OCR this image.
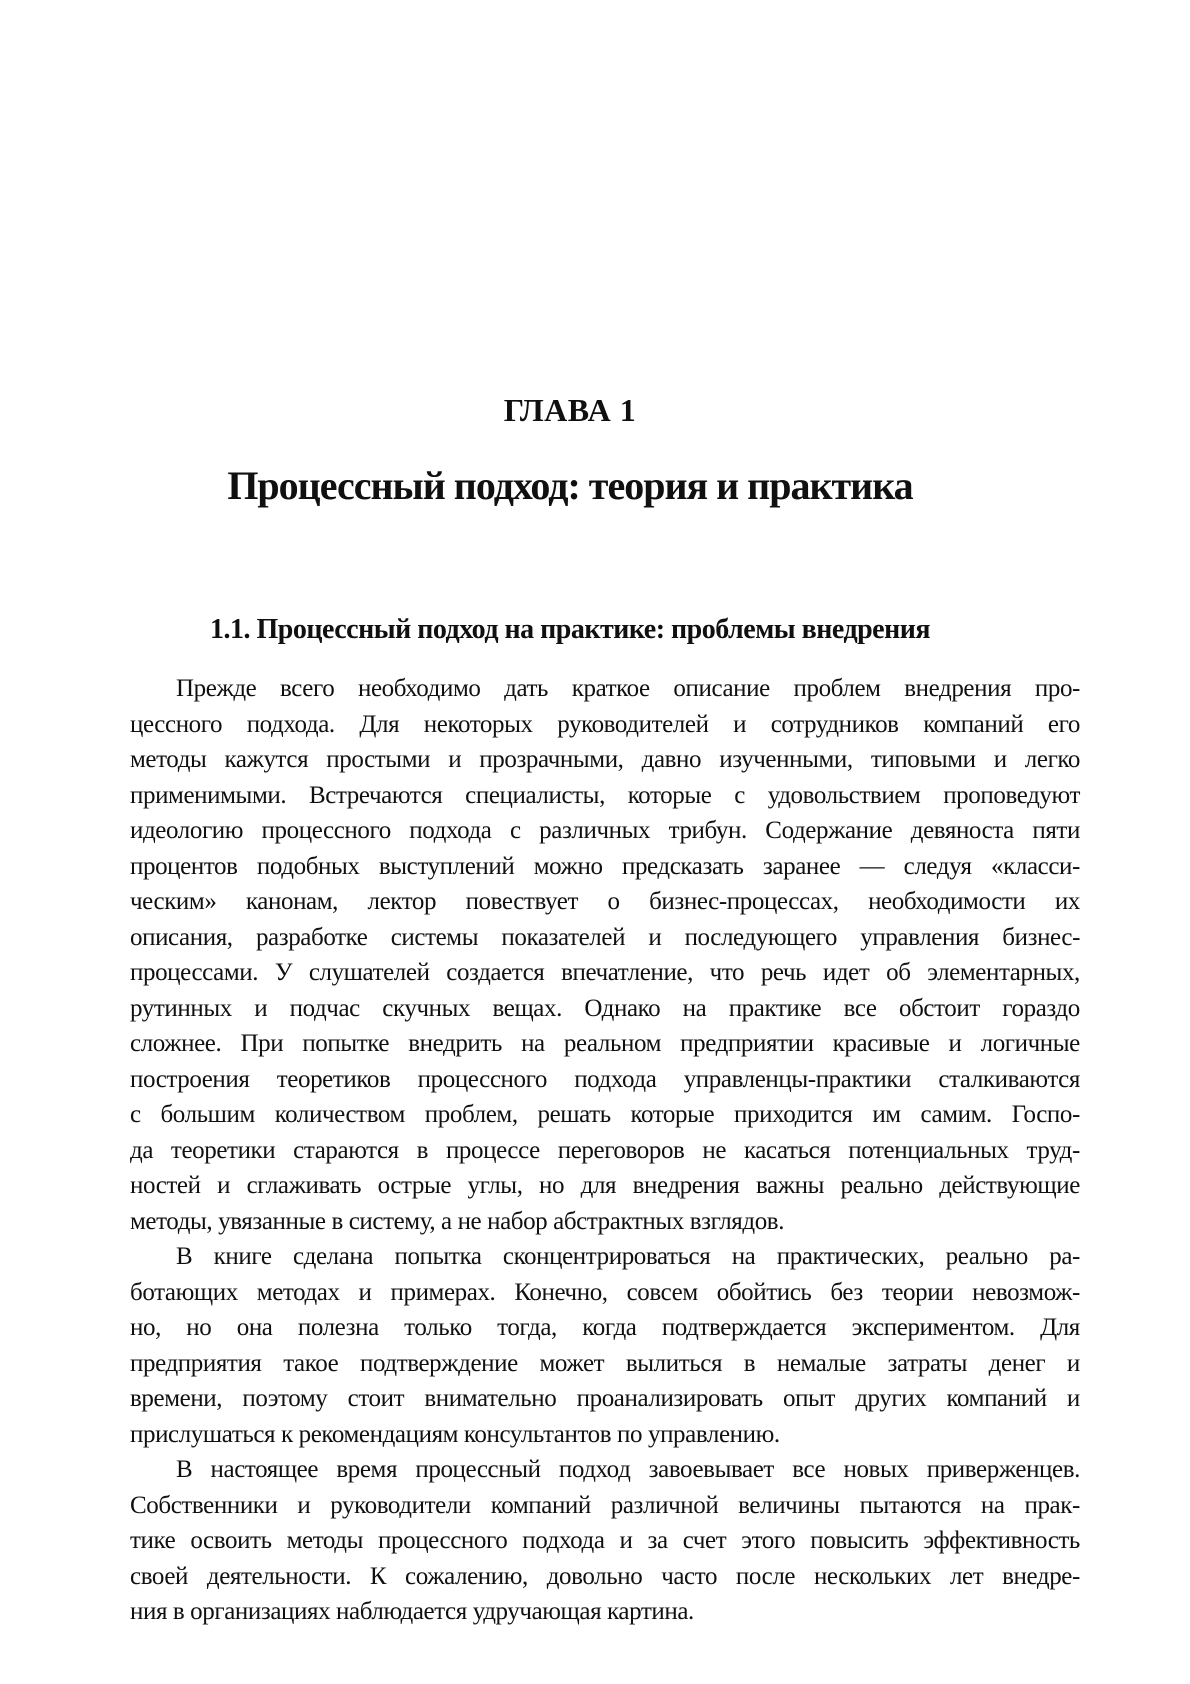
ГЛАВА 1
Процессный подход: теория и практика
1.1. Процессный подход на практике: проблемы внедрения
Прежде всего необходимо дать краткое описание проблем внедрения про-
цессного подхода. Для некоторых руководителей и сотрудников компаний его
методы кажутся простыми и прозрачными, давно изученными, типовыми и легко
применимыми. Встречаются специалисты, которые с удовольствием проповедуют
идеологию процессного подхода с различных трибун. Содержание девяноста пяти
процентов подобных выступлений можно предсказать заранее — следуя «класси-
ческим» канонам, лектор повествует о бизнес-процессах, необходимости их
описания, разработке системы показателей и последующего управления бизнес-
процессами. У слушателей создается впечатление, что речь идет об элементарных,
рутинных и подчас скучных вещах. Однако на практике все обстоит гораздо
сложнее. При попытке внедрить на реальном предприятии красивые и логичные
построения теоретиков процессного подхода управленцы-практики сталкиваются
с большим количеством проблем, решать которые приходится им самим. Госпо-
да теоретики стараются в процессе переговоров не касаться потенциальных труд-
ностей и сглаживать острые углы, но для внедрения важны реально действующие
методы, увязанные в систему, а не набор абстрактных взглядов.
В книге сделана попытка сконцентрироваться на практических, реально ра-
ботающих методах и примерах. Конечно, совсем обойтись без теории невозмож-
но, но она полезна только тогда, когда подтверждается экспериментом. Для
предприятия такое подтверждение может вылиться в немалые затраты денег и
времени, поэтому стоит внимательно проанализировать опыт других компаний и
прислушаться к рекомендациям консультантов по управлению.
В настоящее время процессный подход завоевывает все новых приверженцев.
Собственники и руководители компаний различной величины пытаются на прак-
тике освоить методы процессного подхода и за счет этого повысить эффективность
своей деятельности. К сожалению, довольно часто после нескольких лет внедре-
ния в организациях наблюдается удручающая картина.
